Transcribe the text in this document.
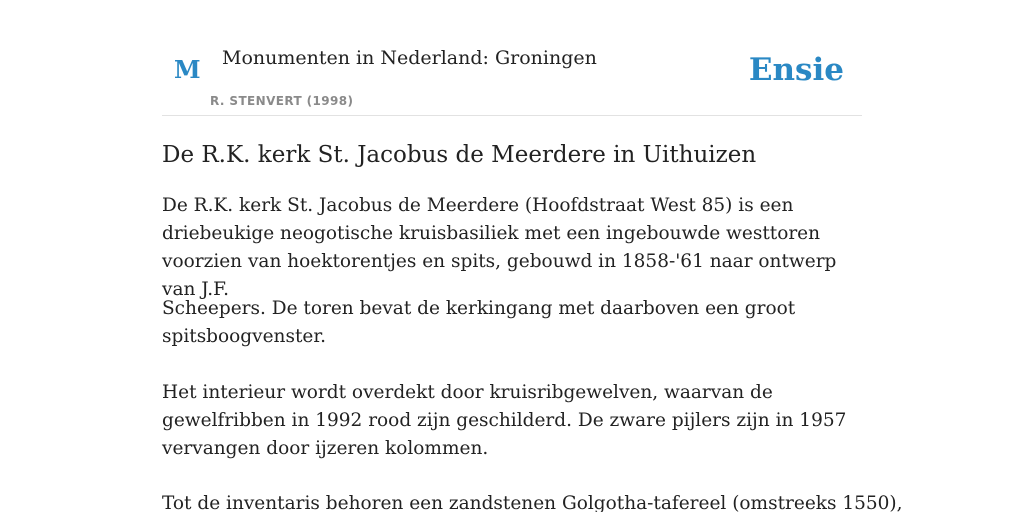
M Monumenten in Nederland: Groningen
R. STENVERT (1998)
Ensie
De R.K. kerk St. Jacobus de Meerdere in Uithuizen

De R.K. kerk St. Jacobus de Meerdere (Hoofdstraat West 85) is een driebeukige neogotische kruisbasiliek met een ingebouwde westtoren voorzien van hoektorentjes en spits, gebouwd in 1858-'61 naar ontwerp van J.F.

Scheepers. De toren bevat de kerkingang met daarboven een groot spitsboogvenster.

Het interieur wordt overdekt door kruisribgewelven, waarvan de gewelfribben in 1992 rood zijn geschilderd. De zware pijlers zijn in 1957 vervangen door ijzeren kolommen.

Tot de inventaris behoren een zandstenen Golgotha-tafereel (omstreeks 1550),
